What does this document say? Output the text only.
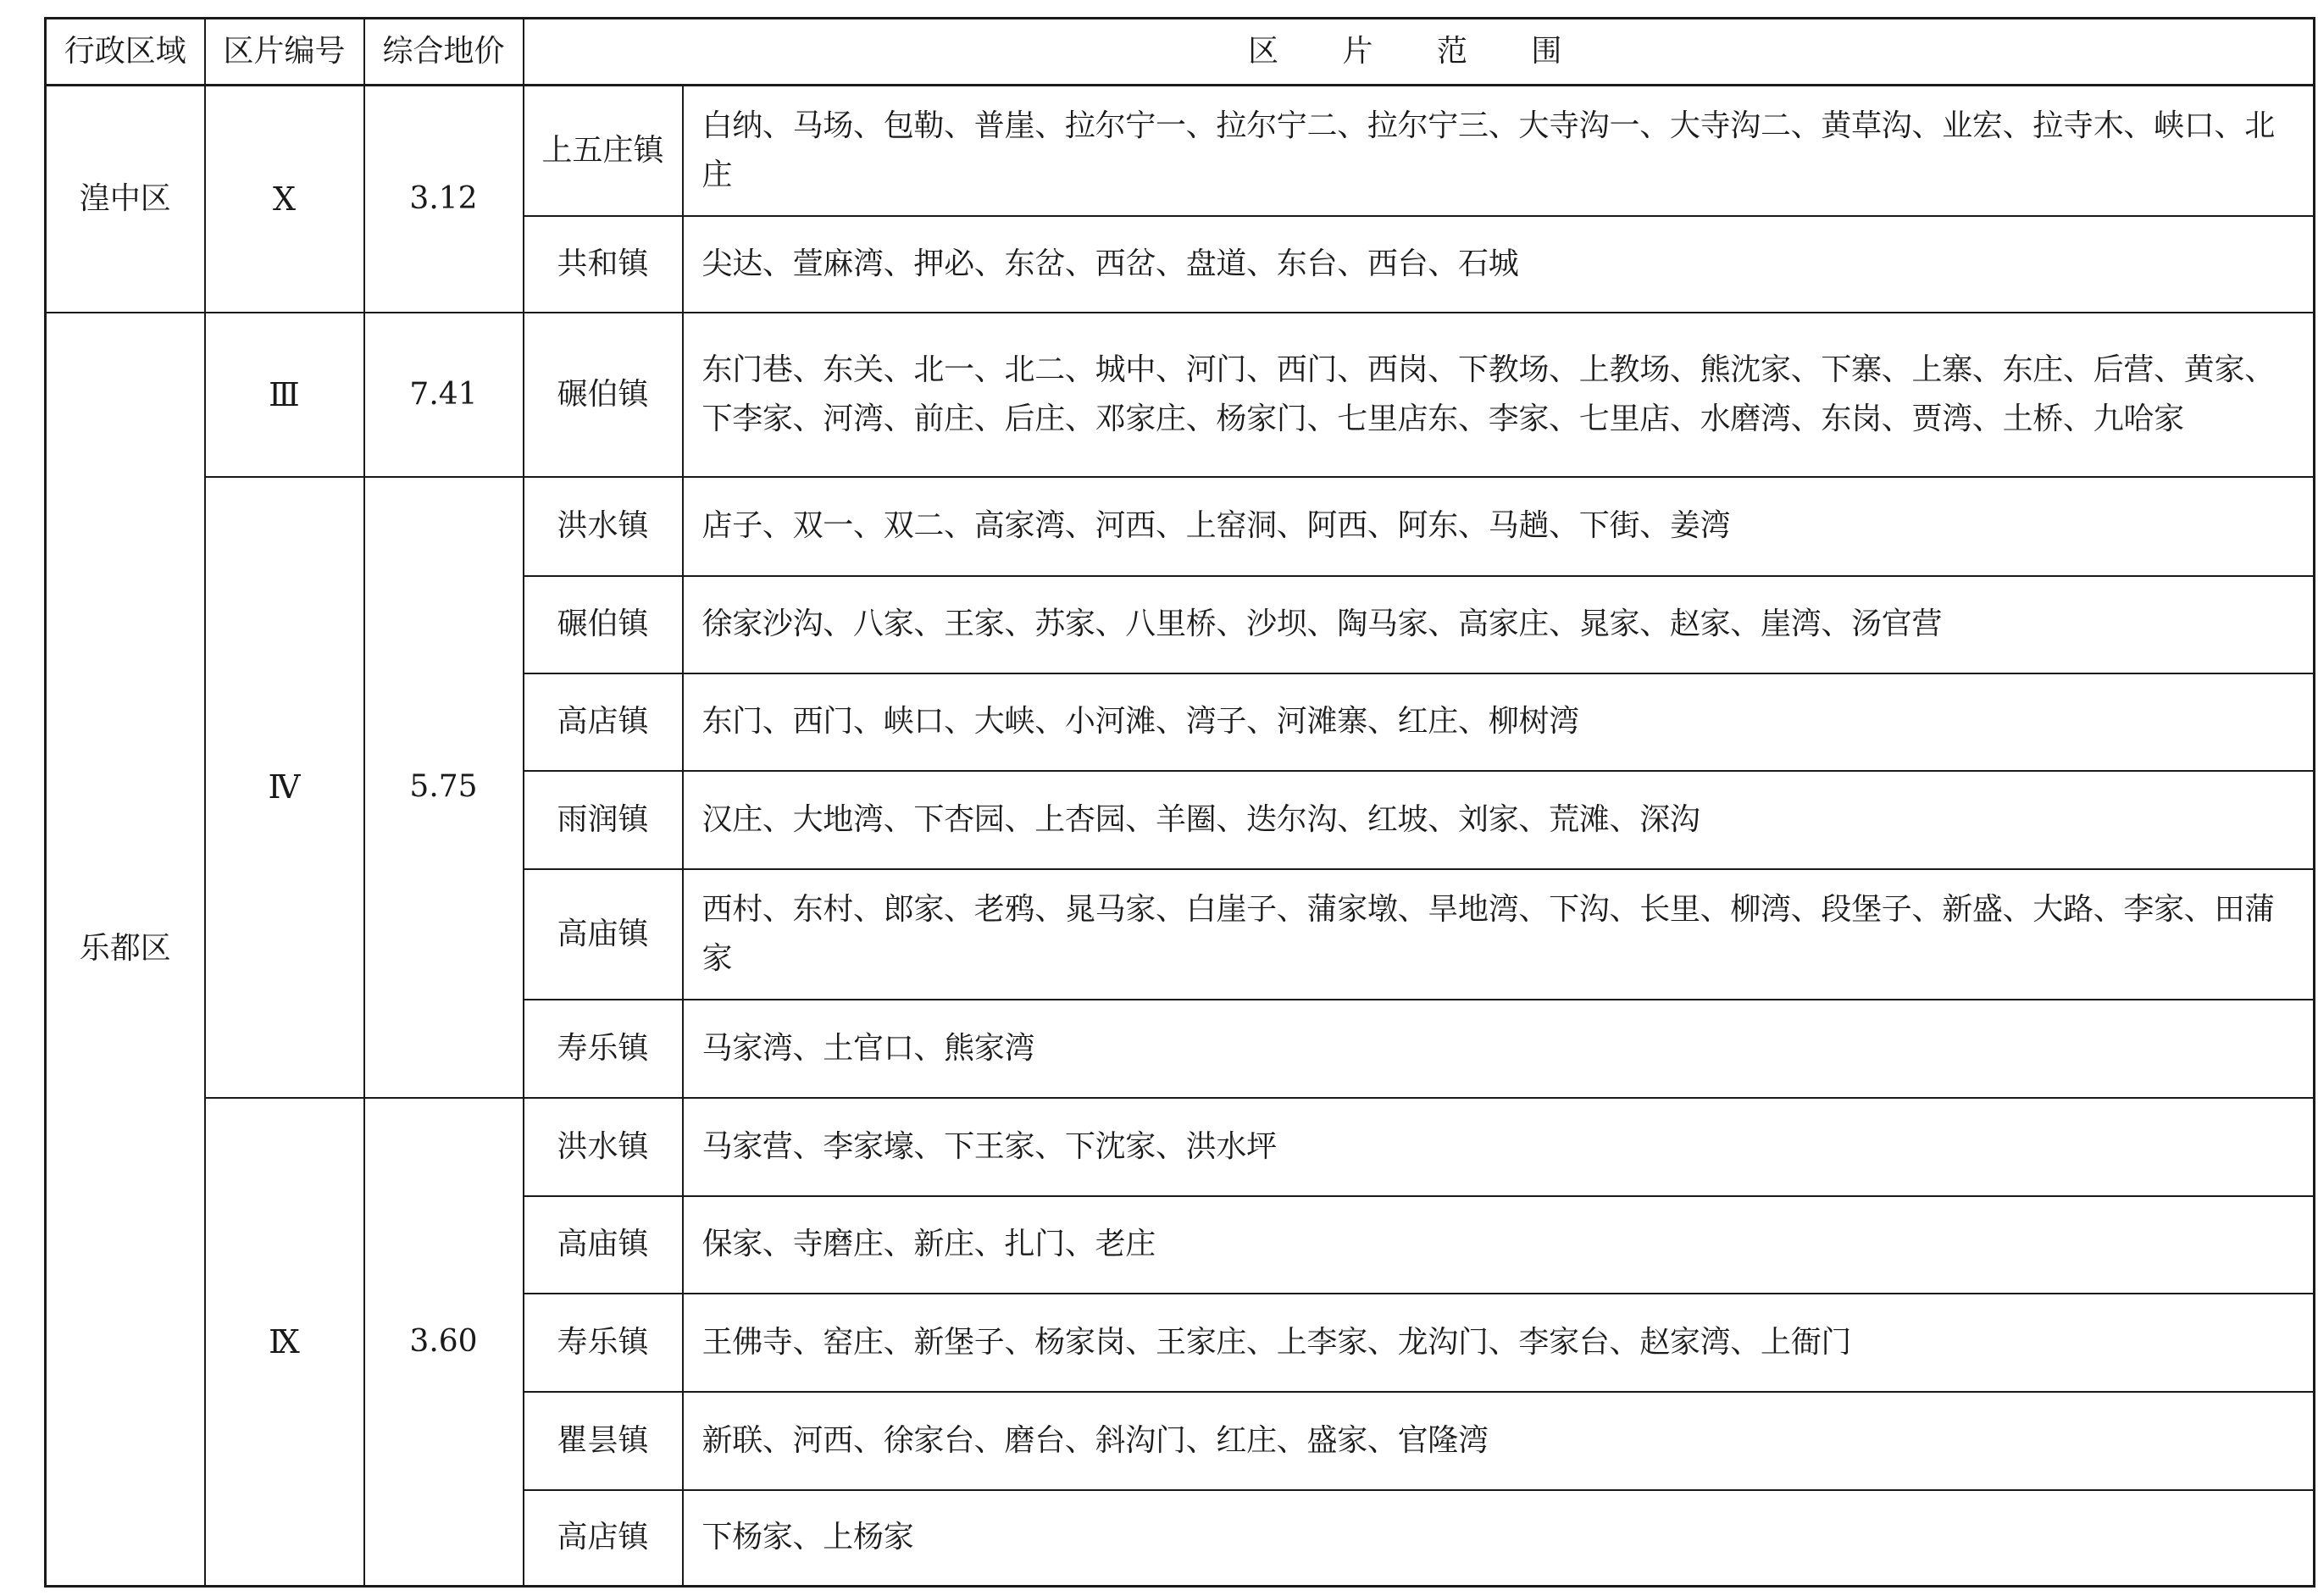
行政区域	区片编号	综合地价	区 片 范 围	
湟中区	Ⅹ	3.12	上五庄镇	白纳、马场、包勒、普崖、拉尔宁一、拉尔宁二、拉尔宁三、大寺沟一、大寺沟二、黄草沟、业宏、拉寺木、峡口、北庄
			共和镇	尖达、萱麻湾、押必、东岔、西岔、盘道、东台、西台、石城
乐都区	Ⅲ	7.41	碾伯镇	东门巷、东关、北一、北二、城中、河门、西门、西岗、下教场、上教场、熊沈家、下寨、上寨、东庄、后营、黄家、下李家、河湾、前庄、后庄、邓家庄、杨家门、七里店东、李家、七里店、水磨湾、东岗、贾湾、土桥、九哈家
	Ⅳ	5.75	洪水镇	店子、双一、双二、高家湾、河西、上窑洞、阿西、阿东、马趟、下街、姜湾
			碾伯镇	徐家沙沟、八家、王家、苏家、八里桥、沙坝、陶马家、高家庄、晁家、赵家、崖湾、汤官营
			高店镇	东门、西门、峡口、大峡、小河滩、湾子、河滩寨、红庄、柳树湾
			雨润镇	汉庄、大地湾、下杏园、上杏园、羊圈、迭尔沟、红坡、刘家、荒滩、深沟
			高庙镇	西村、东村、郎家、老鸦、晁马家、白崖子、蒲家墩、旱地湾、下沟、长里、柳湾、段堡子、新盛、大路、李家、田蒲家
			寿乐镇	马家湾、土官口、熊家湾
	Ⅸ	3.60	洪水镇	马家营、李家壕、下王家、下沈家、洪水坪
			高庙镇	保家、寺磨庄、新庄、扎门、老庄
			寿乐镇	王佛寺、窑庄、新堡子、杨家岗、王家庄、上李家、龙沟门、李家台、赵家湾、上衙门
			瞿昙镇	新联、河西、徐家台、磨台、斜沟门、红庄、盛家、官隆湾
			高店镇	下杨家、上杨家
